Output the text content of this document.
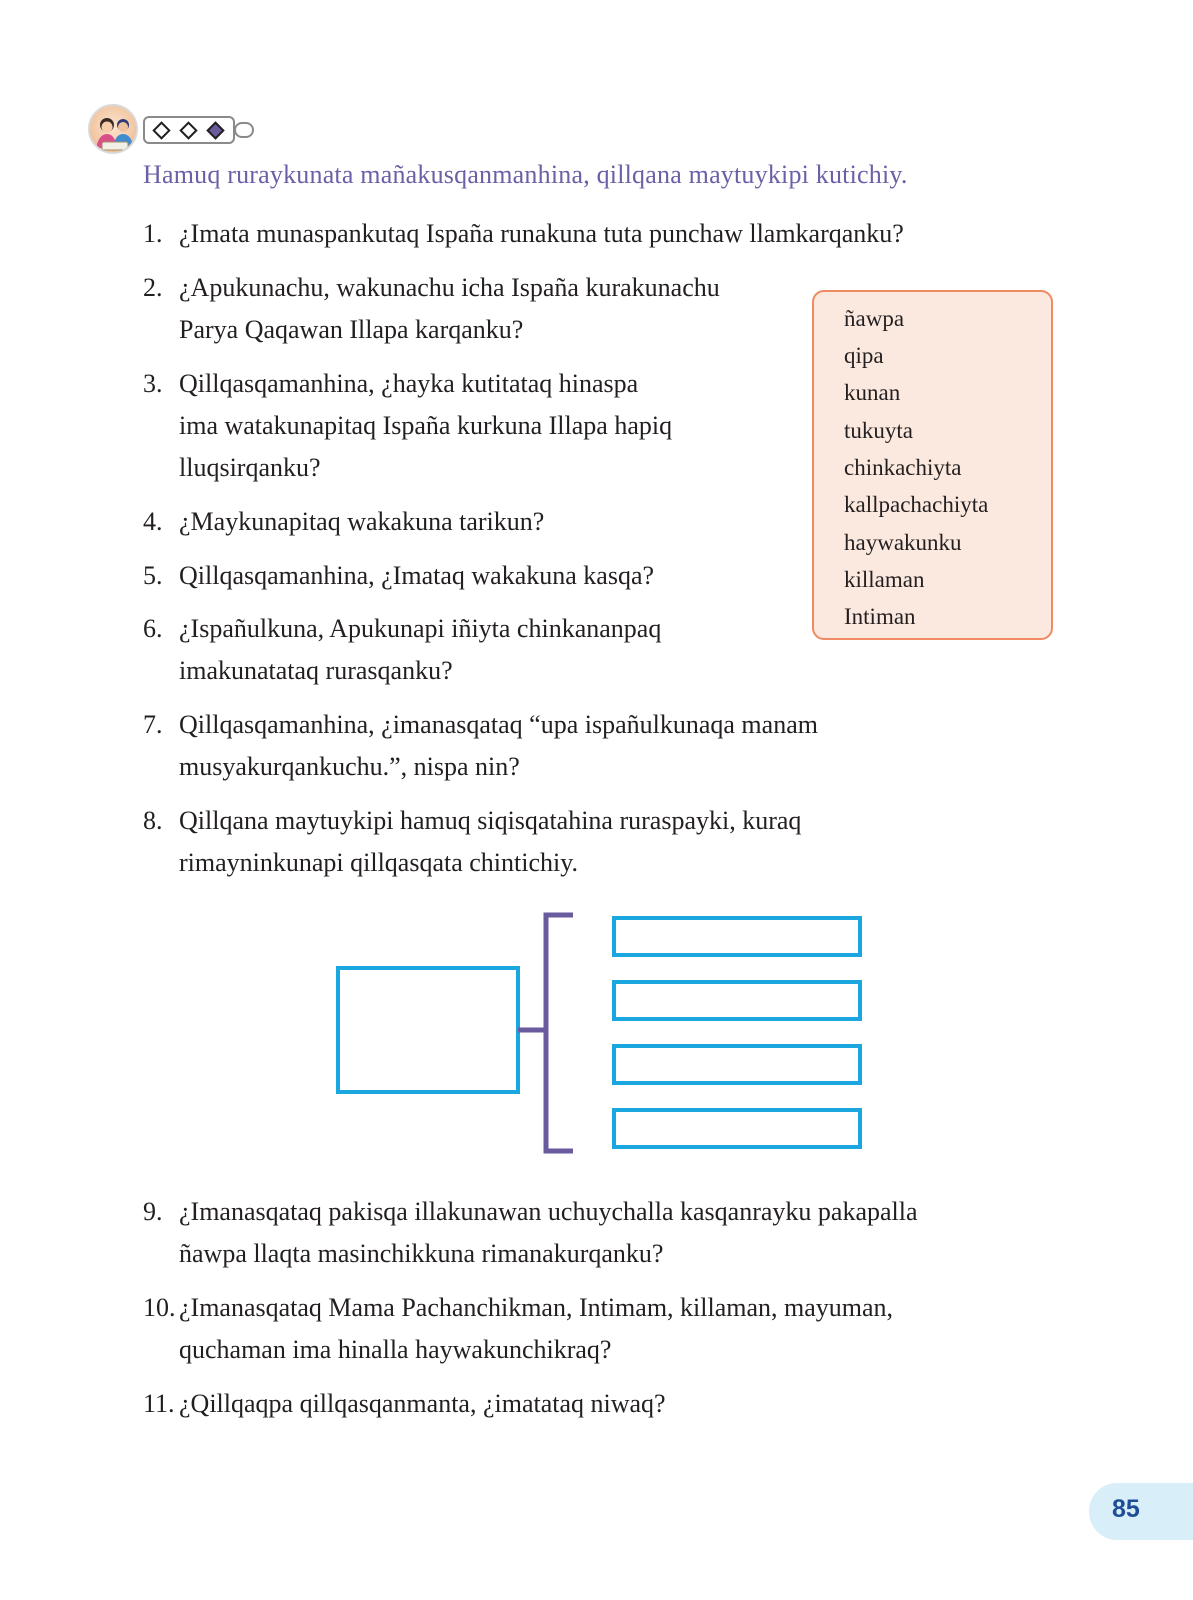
Hamuq ruraykunata mañakusqanmanhina, qillqana maytuykipi kutichiy.
1. ¿Imata munaspankutaq Ispaña runakuna tuta punchaw llamkarqanku?
2. ¿Apukunachu, wakunachu icha Ispaña kurakunachu
Parya Qaqawan Illapa karqanku?
3. Qillqasqamanhina, ¿hayka kutitataq hinaspa
ima watakunapitaq Ispaña kurkuna Illapa hapiq
lluqsirqanku?
4. ¿Maykunapitaq wakakuna tarikun?
5. Qillqasqamanhina, ¿Imataq wakakuna kasqa?
6. ¿Ispañulkuna, Apukunapi iñiyta chinkananpaq
imakunatataq rurasqanku?
7. Qillqasqamanhina, ¿imanasqataq “upa ispañulkunaqa manam
musyakurqankuchu.”, nispa nin?
8. Qillqana maytuykipi hamuq siqisqatahina ruraspayki, kuraq
rimayninkunapi qillqasqata chintichiy.
ñawpa
qipa
kunan
tukuyta
chinkachiyta
kallpachachiyta
haywakunku
killaman
Intiman
9. ¿Imanasqataq pakisqa illakunawan uchuychalla kasqanrayku pakapalla
ñawpa llaqta masinchikkuna rimanakurqanku?
10. ¿Imanasqataq Mama Pachanchikman, Intimam, killaman, mayuman,
quchaman ima hinalla haywakunchikraq?
11. ¿Qillqaqpa qillqasqanmanta, ¿imatataq niwaq?
85
